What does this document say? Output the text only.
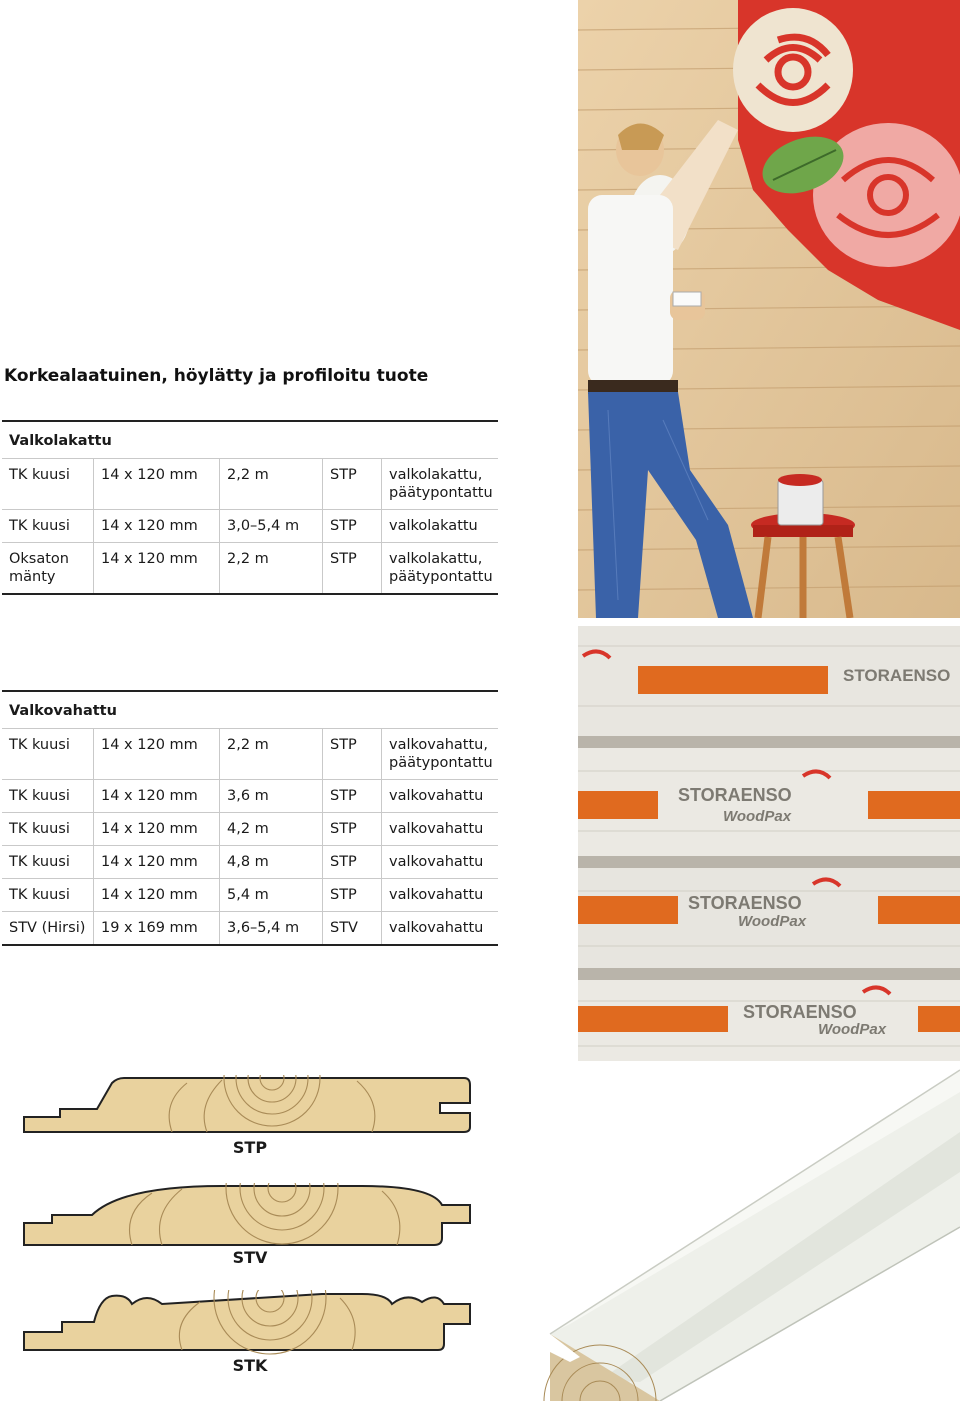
Korkealaatuinen, höylätty ja profiloitu tuote
Valkolakattu				
TK kuusi	14 x 120 mm	2,2 m	STP	valkolakattu,
päätypontattu
TK kuusi	14 x 120 mm	3,0–5,4 m	STP	valkolakattu
Oksaton
mänty	14 x 120 mm	2,2 m	STP	valkolakattu,
päätypontattu
Valkovahattu				
TK kuusi	14 x 120 mm	2,2 m	STP	valkovahattu,
päätypontattu
TK kuusi	14 x 120 mm	3,6 m	STP	valkovahattu
TK kuusi	14 x 120 mm	4,2 m	STP	valkovahattu
TK kuusi	14 x 120 mm	4,8 m	STP	valkovahattu
TK kuusi	14 x 120 mm	5,4 m	STP	valkovahattu
STV (Hirsi)	19 x 169 mm	3,6–5,4 m	STV	valkovahattu
STORAENSO
STORAENSO
WoodPax
STORAENSO
WoodPax
STORAENSO
WoodPax
STP
STV
STK
